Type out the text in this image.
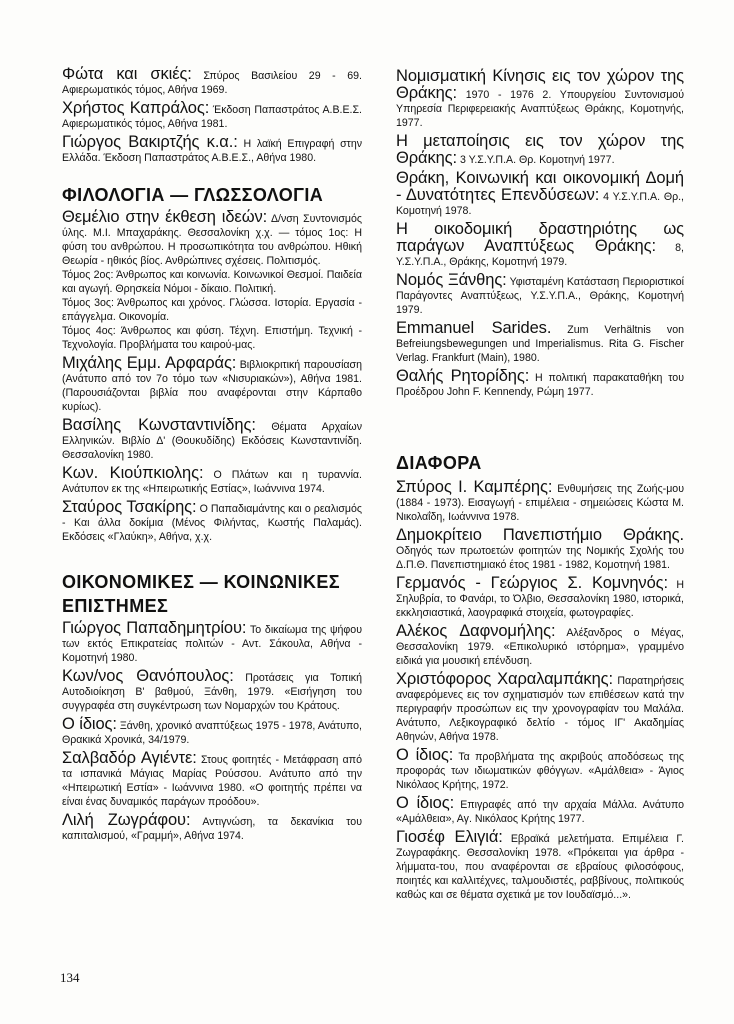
Φώτα και σκιές: Σπύρος Βασιλείου 29 - 69. Αφιερωματικός τόμος, Αθήνα 1969.
Χρήστος Καπράλος: Έκδοση Παπαστράτος Α.Β.Ε.Σ. Αφιερωματικός τόμος, Αθήνα 1981.
Γιώργος Βακιρτζής κ.α.: Η λαϊκή Επιγραφή στην Ελλάδα. Έκδοση Παπαστράτος Α.Β.Ε.Σ., Αθήνα 1980.
ΦΙΛΟΛΟΓΙΑ — ΓΛΩΣΣΟΛΟΓΙΑ

Θεμέλιο στην έκθεση ιδεών: Δ/νση Συντονισμός ύλης. Μ.Ι. Μπαχαράκης. Θεσσαλονίκη χ.χ. — τόμος 1ος: Η φύση του ανθρώπου. Η προσωπικότητα του ανθρώπου. Ηθική Θεωρία - ηθικός βίος. Ανθρώπινες σχέσεις. Πολιτισμός.

Τόμος 2ος: Άνθρωπος και κοινωνία. Κοινωνικοί Θεσμοί. Παιδεία και αγωγή. Θρησκεία Νόμοι - δίκαιο. Πολιτική.

Τόμος 3ος: Άνθρωπος και χρόνος. Γλώσσα. Ιστορία. Εργασία - επάγγελμα. Οικονομία.

Τόμος 4ος: Άνθρωπος και φύση. Τέχνη. Επιστήμη. Τεχνική - Τεχνολογία. Προβλήματα του καιρού-μας.

Μιχάλης Εμμ. Αρφαράς: Βιβλιοκριτική παρουσίαση (Ανάτυπο από τον 7ο τόμο των «Νισυριακών»), Αθήνα 1981. (Παρουσιάζονται βιβλία που αναφέρονται στην Κάρπαθο κυρίως).
Βασίλης Κωνσταντινίδης: Θέματα Αρχαίων Ελληνικών. Βιβλίο Δ' (Θουκυδίδης) Εκδόσεις Κωνσταντινίδη. Θεσσαλονίκη 1980.
Κων. Κιούπκιολης: Ο Πλάτων και η τυραννία. Ανάτυπον εκ της «Ηπειρωτικής Εστίας», Ιωάννινα 1974.
Σταύρος Τσακίρης: Ο Παπαδιαμάντης και ο ρεαλισμός - Και άλλα δοκίμια (Μένος Φιλήντας, Κωστής Παλαμάς). Εκδόσεις «Γλαύκη», Αθήνα, χ.χ.
ΟΙΚΟΝΟΜΙΚΕΣ — ΚΟΙΝΩΝΙΚΕΣ
ΕΠΙΣΤΗΜΕΣ
Γιώργος Παπαδημητρίου: Το δικαίωμα της ψήφου των εκτός Επικρατείας πολιτών - Αντ. Σάκουλα, Αθήνα - Κομοτηνή 1980.
Κων/νος Θανόπουλος: Προτάσεις για Τοπική Αυτοδιοίκηση Β' βαθμού, Ξάνθη, 1979. «Εισήγηση του συγγραφέα στη συγκέντρωση των Νομαρχών του Κράτους.
Ο ίδιος: Ξάνθη, χρονικό αναπτύξεως 1975 - 1978, Ανάτυπο, Θρακικά Χρονικά, 34/1979.
Σαλβαδόρ Αγιέντε: Στους φοιτητές - Μετάφραση από τα ισπανικά Μάγιας Μαρίας Ρούσσου. Ανάτυπο από την «Ηπειρωτική Εστία» - Ιωάννινα 1980. «Ο φοιτητής πρέπει να είναι ένας δυναμικός παράγων προόδου».
Λιλή Ζωγράφου: Αντιγνώση, τα δεκανίκια του καπιταλισμού, «Γραμμή», Αθήνα 1974.
Νομισματική Κίνησις εις τον χώρον της Θράκης: 1970 - 1976 2. Υπουργείου Συντονισμού Υπηρεσία Περιφερειακής Αναπτύξεως Θράκης, Κομοτηνής, 1977.
Η μεταποίησις εις τον χώρον της Θράκης: 3 Υ.Σ.Υ.Π.Α. Θρ. Κομοτηνή 1977.
Θράκη, Κοινωνική και οικονομική Δομή - Δυνατότητες Επενδύσεων: 4 Υ.Σ.Υ.Π.Α. Θρ., Κομοτηνή 1978.
Η οικοδομική δραστηριότης ως παράγων Αναπτύξεως Θράκης: 8, Υ.Σ.Υ.Π.Α., Θράκης, Κομοτηνή 1979.
Νομός Ξάνθης: Υφισταμένη Κατάσταση Περιοριστικοί Παράγοντες Αναπτύξεως, Υ.Σ.Υ.Π.Α., Θράκης, Κομοτηνή 1979.
Emmanuel Sarides. Zum Verhältnis von Befreiungsbewegungen und Imperialismus. Rita G. Fischer Verlag. Frankfurt (Main), 1980.
Θαλής Ρητορίδης: Η πολιτική παρακαταθήκη του Προέδρου John F. Kennendy, Ρώμη 1977.
ΔΙΑΦΟΡΑ
Σπύρος Ι. Καμπέρης: Ενθυμήσεις της Ζωής-μου (1884 - 1973). Εισαγωγή - επιμέλεια - σημειώσεις Κώστα Μ. Νικολαΐδη, Ιωάννινα 1978.
Δημοκρίτειο Πανεπιστήμιο Θράκης. Οδηγός των πρωτοετών φοιτητών της Νομικής Σχολής του Δ.Π.Θ. Πανεπιστημιακό έτος 1981 - 1982, Κομοτηνή 1981.
Γερμανός - Γεώργιος Σ. Κομνηνός: Η Σηλυβρία, το Φανάρι, το Όλβιο, Θεσσαλονίκη 1980, ιστορικά, εκκλησιαστικά, λαογραφικά στοιχεία, φωτογραφίες.
Αλέκος Δαφνομήλης: Αλέξανδρος ο Μέγας, Θεσσαλονίκη 1979. «Επικολυρικό ιστόρημα», γραμμένο ειδικά για μουσική επένδυση.
Χριστόφορος Χαραλαμπάκης: Παρατηρήσεις αναφερόμενες εις τον σχηματισμόν των επιθέσεων κατά την περιγραφήν προσώπων εις την χρονογραφίαν του Μαλάλα. Ανάτυπο, Λεξικογραφικό δελτίο - τόμος ΙΓ' Ακαδημίας Αθηνών, Αθήνα 1978.
Ο ίδιος: Τα προβλήματα της ακριβούς αποδόσεως της προφοράς των ιδιωματικών φθόγγων. «Αμάλθεια» - Άγιος Νικόλαος Κρήτης, 1972.
Ο ίδιος: Επιγραφές από την αρχαία Μάλλα. Ανάτυπο «Αμάλθεια», Αγ. Νικόλαος Κρήτης 1977.
Γιοσέφ Ελιγιά: Εβραϊκά μελετήματα. Επιμέλεια Γ. Ζωγραφάκης. Θεσσαλονίκη 1978. «Πρόκειται για άρθρα - λήμματα-του, που αναφέρονται σε εβραίους φιλοσόφους, ποιητές και καλλιτέχνες, ταλμουδιστές, ραββίνους, πολιτικούς καθώς και σε θέματα σχετικά με τον Ιουδαϊσμό...».
134
